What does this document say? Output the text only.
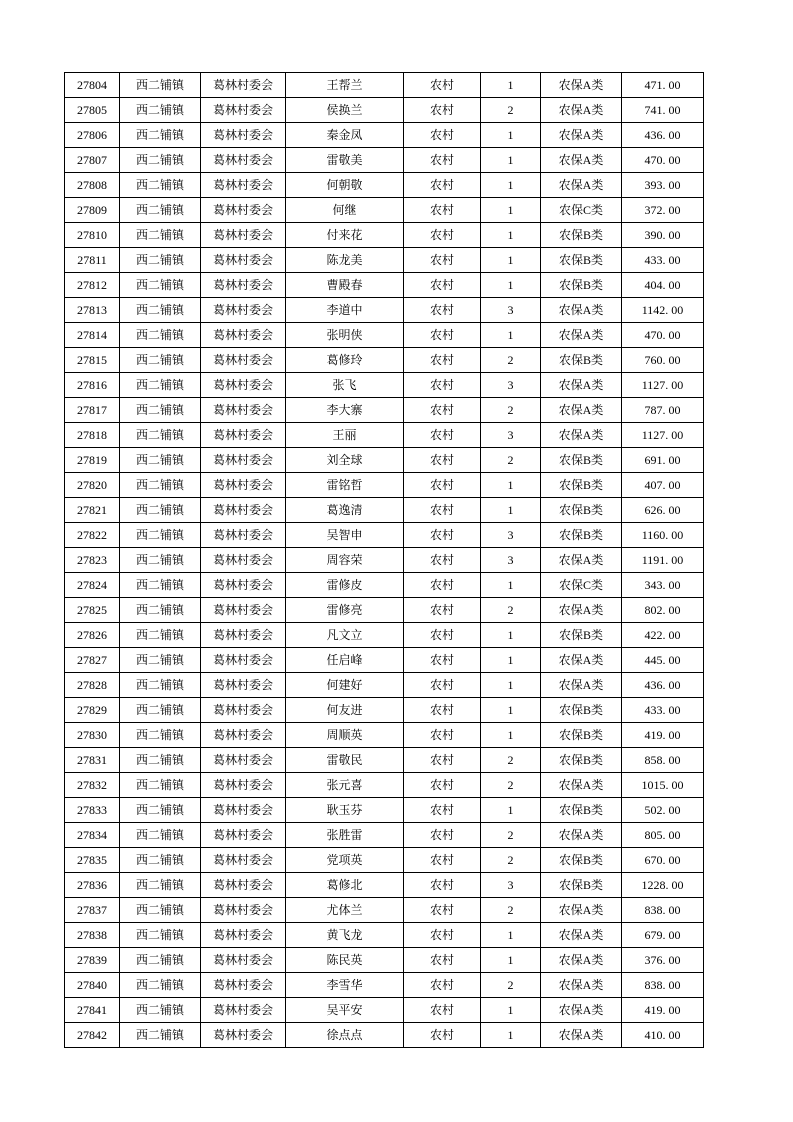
27804	西二铺镇	葛林村委会	王帮兰	农村	1	农保A类	471. 00
27805	西二铺镇	葛林村委会	侯换兰	农村	2	农保A类	741. 00
27806	西二铺镇	葛林村委会	秦金凤	农村	1	农保A类	436. 00
27807	西二铺镇	葛林村委会	雷敬美	农村	1	农保A类	470. 00
27808	西二铺镇	葛林村委会	何朝敬	农村	1	农保A类	393. 00
27809	西二铺镇	葛林村委会	何继	农村	1	农保C类	372. 00
27810	西二铺镇	葛林村委会	付来花	农村	1	农保B类	390. 00
27811	西二铺镇	葛林村委会	陈龙美	农村	1	农保B类	433. 00
27812	西二铺镇	葛林村委会	曹殿春	农村	1	农保B类	404. 00
27813	西二铺镇	葛林村委会	李道中	农村	3	农保A类	1142. 00
27814	西二铺镇	葛林村委会	张明侠	农村	1	农保A类	470. 00
27815	西二铺镇	葛林村委会	葛修玲	农村	2	农保B类	760. 00
27816	西二铺镇	葛林村委会	张飞	农村	3	农保A类	1127. 00
27817	西二铺镇	葛林村委会	李大寨	农村	2	农保A类	787. 00
27818	西二铺镇	葛林村委会	王丽	农村	3	农保A类	1127. 00
27819	西二铺镇	葛林村委会	刘全球	农村	2	农保B类	691. 00
27820	西二铺镇	葛林村委会	雷铭哲	农村	1	农保B类	407. 00
27821	西二铺镇	葛林村委会	葛逸清	农村	1	农保B类	626. 00
27822	西二铺镇	葛林村委会	吴智申	农村	3	农保B类	1160. 00
27823	西二铺镇	葛林村委会	周容荣	农村	3	农保A类	1191. 00
27824	西二铺镇	葛林村委会	雷修皮	农村	1	农保C类	343. 00
27825	西二铺镇	葛林村委会	雷修亮	农村	2	农保A类	802. 00
27826	西二铺镇	葛林村委会	凡文立	农村	1	农保B类	422. 00
27827	西二铺镇	葛林村委会	任启峰	农村	1	农保A类	445. 00
27828	西二铺镇	葛林村委会	何建好	农村	1	农保A类	436. 00
27829	西二铺镇	葛林村委会	何友进	农村	1	农保B类	433. 00
27830	西二铺镇	葛林村委会	周顺英	农村	1	农保B类	419. 00
27831	西二铺镇	葛林村委会	雷敬民	农村	2	农保B类	858. 00
27832	西二铺镇	葛林村委会	张元喜	农村	2	农保A类	1015. 00
27833	西二铺镇	葛林村委会	耿玉芬	农村	1	农保B类	502. 00
27834	西二铺镇	葛林村委会	张胜雷	农村	2	农保A类	805. 00
27835	西二铺镇	葛林村委会	党项英	农村	2	农保B类	670. 00
27836	西二铺镇	葛林村委会	葛修北	农村	3	农保B类	1228. 00
27837	西二铺镇	葛林村委会	尤体兰	农村	2	农保A类	838. 00
27838	西二铺镇	葛林村委会	黄飞龙	农村	1	农保A类	679. 00
27839	西二铺镇	葛林村委会	陈民英	农村	1	农保A类	376. 00
27840	西二铺镇	葛林村委会	李雪华	农村	2	农保A类	838. 00
27841	西二铺镇	葛林村委会	吴平安	农村	1	农保A类	419. 00
27842	西二铺镇	葛林村委会	徐点点	农村	1	农保A类	410. 00
